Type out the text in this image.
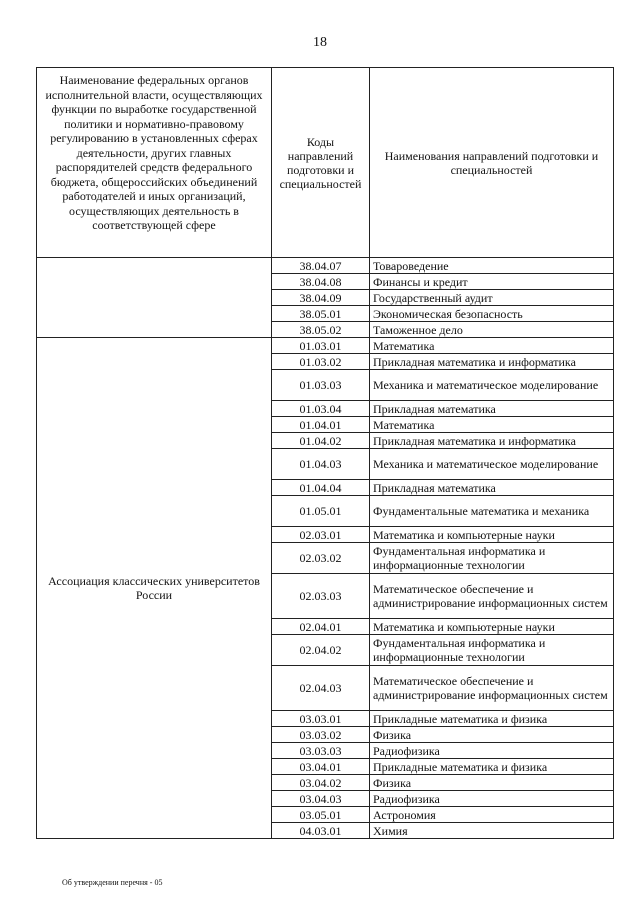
18
Наименование федеральных органов исполнительной власти, осуществляющих функции по выработке государственной политики и нормативно-правовому регулированию в установленных сферах деятельности, других главных распорядителей средств федерального бюджета, общероссийских объединений работодателей и иных организаций, осуществляющих деятельность в соответствующей сфере	Коды направлений подготовки и специальностей	Наименования направлений подготовки и специальностей
	38.04.07	Товароведение
	38.04.08	Финансы и кредит
	38.04.09	Государственный аудит
	38.05.01	Экономическая безопасность
	38.05.02	Таможенное дело
Ассоциация классических университетов России	01.03.01	Математика
	01.03.02	Прикладная математика и информатика
	01.03.03	Механика и математическое моделирование
	01.03.04	Прикладная математика
	01.04.01	Математика
	01.04.02	Прикладная математика и информатика
	01.04.03	Механика и математическое моделирование
	01.04.04	Прикладная математика
	01.05.01	Фундаментальные математика и механика
	02.03.01	Математика и компьютерные науки
	02.03.02	Фундаментальная информатика и информационные технологии
	02.03.03	Математическое обеспечение и администрирование информационных систем
	02.04.01	Математика и компьютерные науки
	02.04.02	Фундаментальная информатика и информационные технологии
	02.04.03	Математическое обеспечение и администрирование информационных систем
	03.03.01	Прикладные математика и физика
	03.03.02	Физика
	03.03.03	Радиофизика
	03.04.01	Прикладные математика и физика
	03.04.02	Физика
	03.04.03	Радиофизика
	03.05.01	Астрономия
	04.03.01	Химия
Об утверждении перечня - 05
